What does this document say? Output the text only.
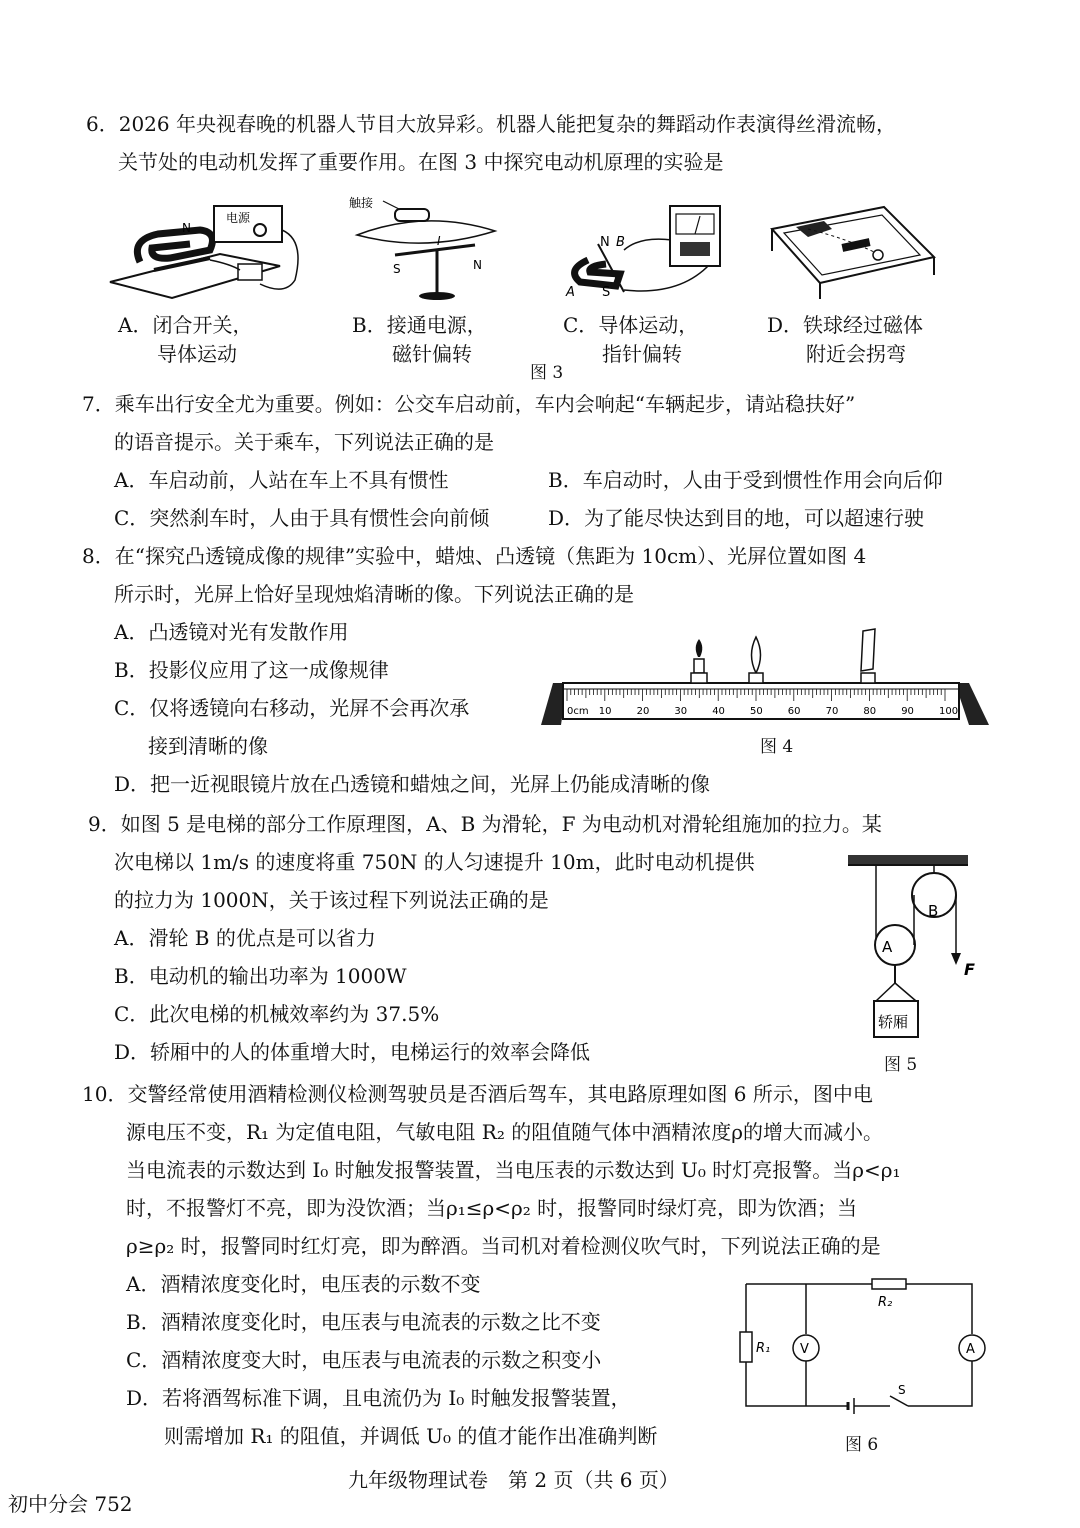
6．2026 年央视春晚的机器人节目大放异彩。机器人能把复杂的舞蹈动作表演得丝滑流畅，
关节处的电动机发挥了重要作用。在图 3 中探究电动机原理的实验是
电源
N
触接
I
S	N
N B
S
A
A．闭合开关，
导体运动
B．接通电源，
磁针偏转
C．导体运动，
指针偏转
D．铁球经过磁体
附近会拐弯
图 3
7．乘车出行安全尤为重要。例如：公交车启动前，车内会响起“车辆起步，请站稳扶好”
的语音提示。关于乘车，下列说法正确的是
A．车启动前，人站在车上不具有惯性	B．车启动时，人由于受到惯性作用会向后仰
C．突然刹车时，人由于具有惯性会向前倾	D．为了能尽快达到目的地，可以超速行驶
8．在“探究凸透镜成像的规律”实验中，蜡烛、凸透镜（焦距为 10cm）、光屏位置如图 4
所示时，光屏上恰好呈现烛焰清晰的像。下列说法正确的是
A．凸透镜对光有发散作用
B．投影仪应用了这一成像规律
C．仅将透镜向右移动，光屏不会再次承
接到清晰的像
D．把一近视眼镜片放在凸透镜和蜡烛之间，光屏上仍能成清晰的像
0cm 10	20	30	40	50	60	70	80	90	100
图 4
9．如图 5 是电梯的部分工作原理图，A、B 为滑轮，F 为电动机对滑轮组施加的拉力。某
次电梯以 1m/s 的速度将重 750N 的人匀速提升 10m，此时电动机提供
的拉力为 1000N，关于该过程下列说法正确的是
A．滑轮 B 的优点是可以省力
B．电动机的输出功率为 1000W
C．此次电梯的机械效率约为 37.5%
D．轿厢中的人的体重增大时，电梯运行的效率会降低
B
A
F
轿厢
图 5
10．交警经常使用酒精检测仪检测驾驶员是否酒后驾车，其电路原理如图 6 所示，图中电
源电压不变，R₁ 为定值电阻，气敏电阻 R₂ 的阻值随气体中酒精浓度ρ的增大而减小。
当电流表的示数达到 I₀ 时触发报警装置，当电压表的示数达到 U₀ 时灯亮报警。当ρ<ρ₁
时，不报警灯不亮，即为没饮酒；当ρ₁≤ρ<ρ₂ 时，报警同时绿灯亮，即为饮酒；当
ρ≥ρ₂ 时，报警同时红灯亮，即为醉酒。当司机对着检测仪吹气时，下列说法正确的是
A．酒精浓度变化时，电压表的示数不变
B．酒精浓度变化时，电压表与电流表的示数之比不变
C．酒精浓度变大时，电压表与电流表的示数之积变小
D．若将酒驾标准下调，且电流仍为 I₀ 时触发报警装置，
则需增加 R₁ 的阻值，并调低 U₀ 的值才能作出准确判断
R₂
A
S
R₁ V
图 6
九年级物理试卷　第 2 页（共 6 页）
初中分会 752
